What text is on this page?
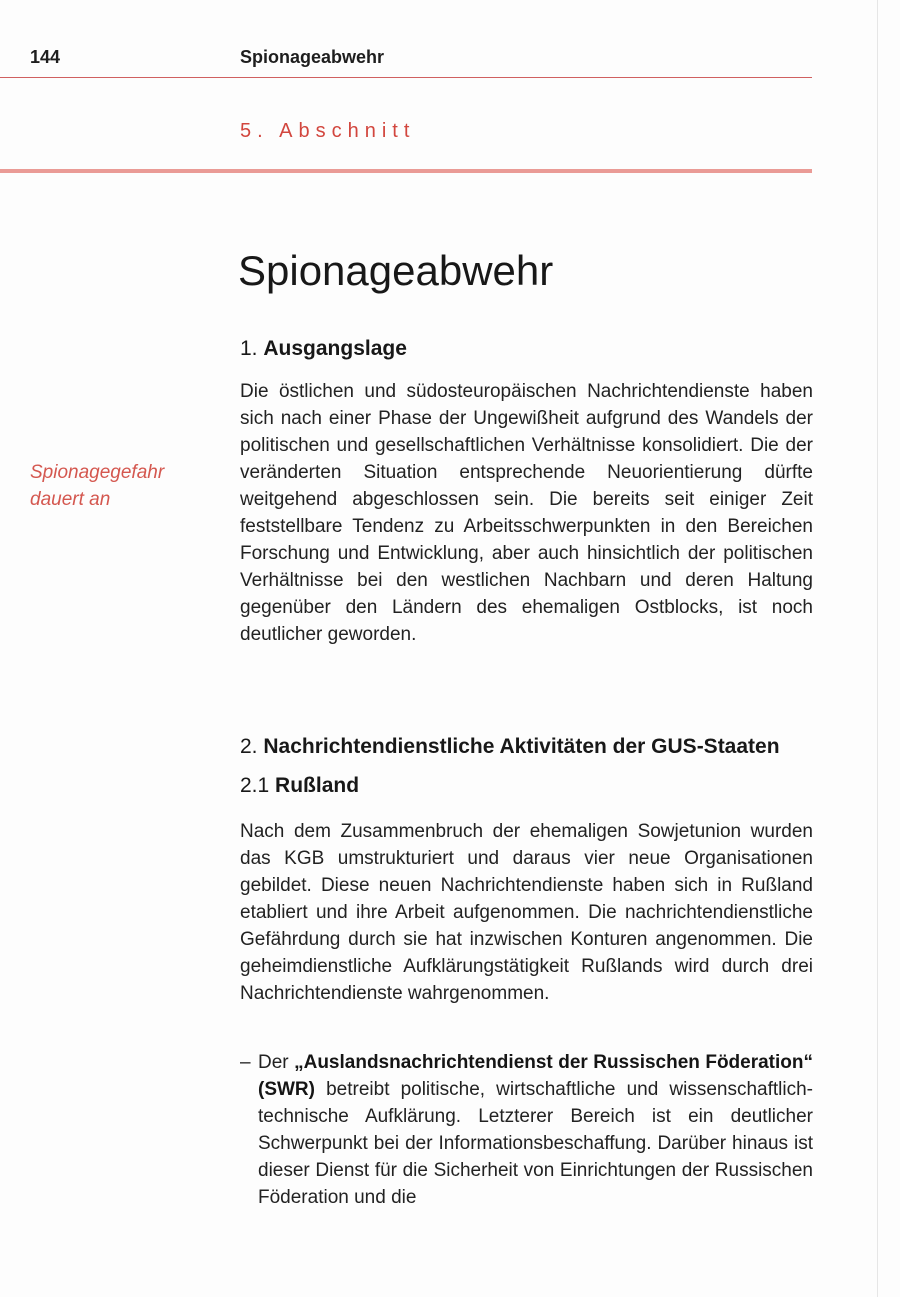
144	Spionageabwehr
5. Abschnitt
Spionageabwehr
1. Ausgangslage
Spionagegefahr
dauert an
Die östlichen und südosteuropäischen Nachrichtendienste haben sich nach einer Phase der Ungewißheit aufgrund des Wandels der politischen und gesellschaftlichen Verhältnisse konsolidiert. Die der veränderten Situation entsprechende Neuorientierung dürfte weitgehend abgeschlossen sein. Die bereits seit einiger Zeit feststellbare Tendenz zu Arbeitsschwerpunkten in den Bereichen Forschung und Entwicklung, aber auch hinsichtlich der politischen Verhältnisse bei den westlichen Nachbarn und deren Haltung gegenüber den Ländern des ehemaligen Ostblocks, ist noch deutlicher geworden.
2. Nachrichtendienstliche Aktivitäten der GUS-Staaten
2.1 Rußland
Nach dem Zusammenbruch der ehemaligen Sowjetunion wurden das KGB umstrukturiert und daraus vier neue Organisationen gebildet. Diese neuen Nachrichtendienste haben sich in Rußland etabliert und ihre Arbeit aufgenommen. Die nachrichtendienstliche Gefährdung durch sie hat inzwischen Konturen angenommen. Die geheimdienstliche Aufklärungstätigkeit Rußlands wird durch drei Nachrichtendienste wahrgenommen.
– Der „Auslandsnachrichtendienst der Russischen Föderation“ (SWR) betreibt politische, wirtschaftliche und wissenschaftlich-technische Aufklärung. Letzterer Bereich ist ein deutlicher Schwerpunkt bei der Informationsbeschaffung. Darüber hinaus ist dieser Dienst für die Sicherheit von Einrichtungen der Russischen Föderation und die
